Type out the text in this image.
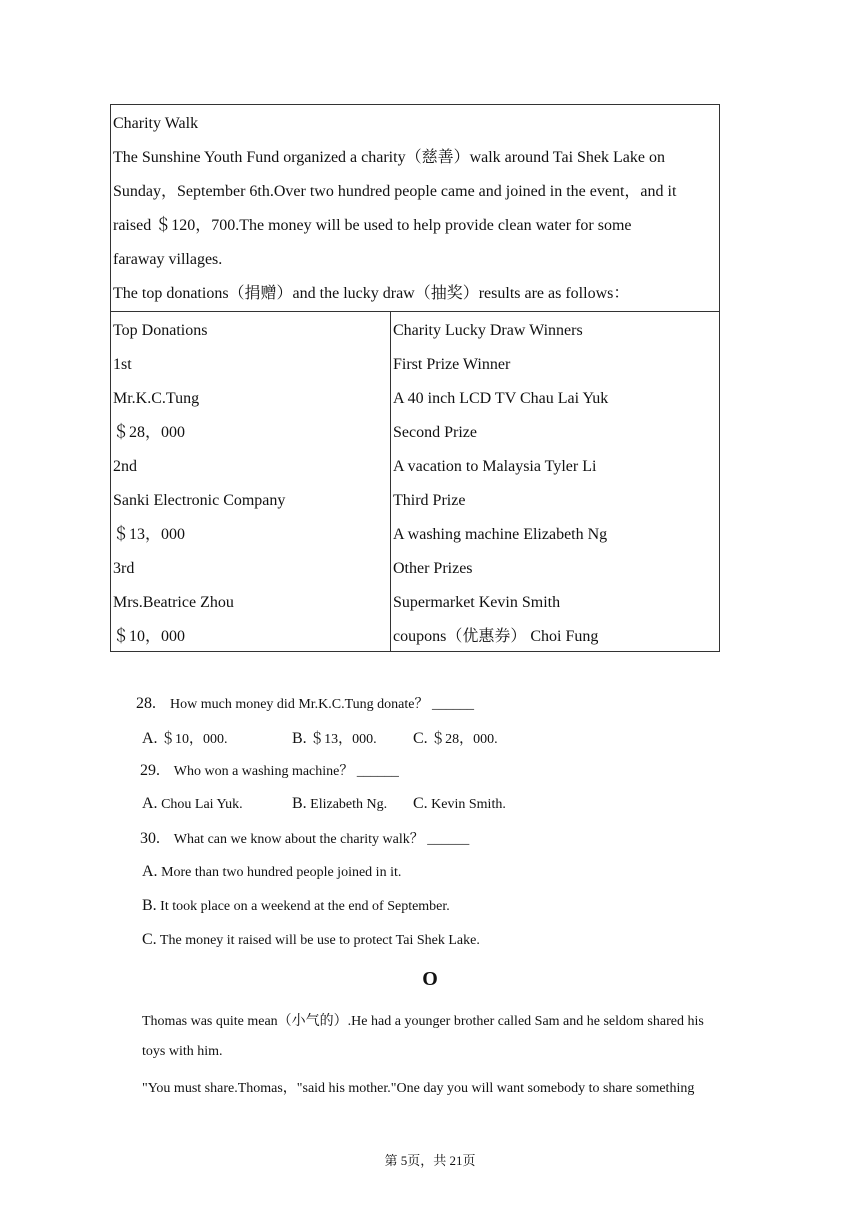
Charity Walk
The Sunshine Youth Fund organized a charity（慈善）walk around Tai Shek Lake on
Sunday，September 6th.Over two hundred people came and joined in the event，and it
raised ＄120，700.The money will be used to help provide clean water for some
faraway villages.
The top donations（捐赠）and the lucky draw（抽奖）results are as follows：
Top Donations
1st
Mr.K.C.Tung
＄28，000
2nd
Sanki Electronic Company
＄13，000
3rd
Mrs.Beatrice Zhou
＄10，000
Charity Lucky Draw Winners
First Prize Winner
A 40 inch LCD TV Chau Lai Yuk
Second Prize
A vacation to Malaysia Tyler Li
Third Prize
A washing machine Elizabeth Ng
Other Prizes
Supermarket Kevin Smith
coupons（优惠券） Choi Fung
28. How much money did Mr.K.C.Tung donate？ ______
A. ＄10，000.	B. ＄13，000. C. ＄28，000.
29. Who won a washing machine？ ______
A. Chou Lai Yuk.	B. Elizabeth Ng. C. Kevin Smith.
30. What can we know about the charity walk？ ______
A. More than two hundred people joined in it.
B. It took place on a weekend at the end of September.
C. The money it raised will be use to protect Tai Shek Lake.
O
Thomas was quite mean（小气的）.He had a younger brother called Sam and he seldom shared his
toys with him.
"You must share.Thomas，"said his mother."One day you will want somebody to share something
第 5页，共 21页
